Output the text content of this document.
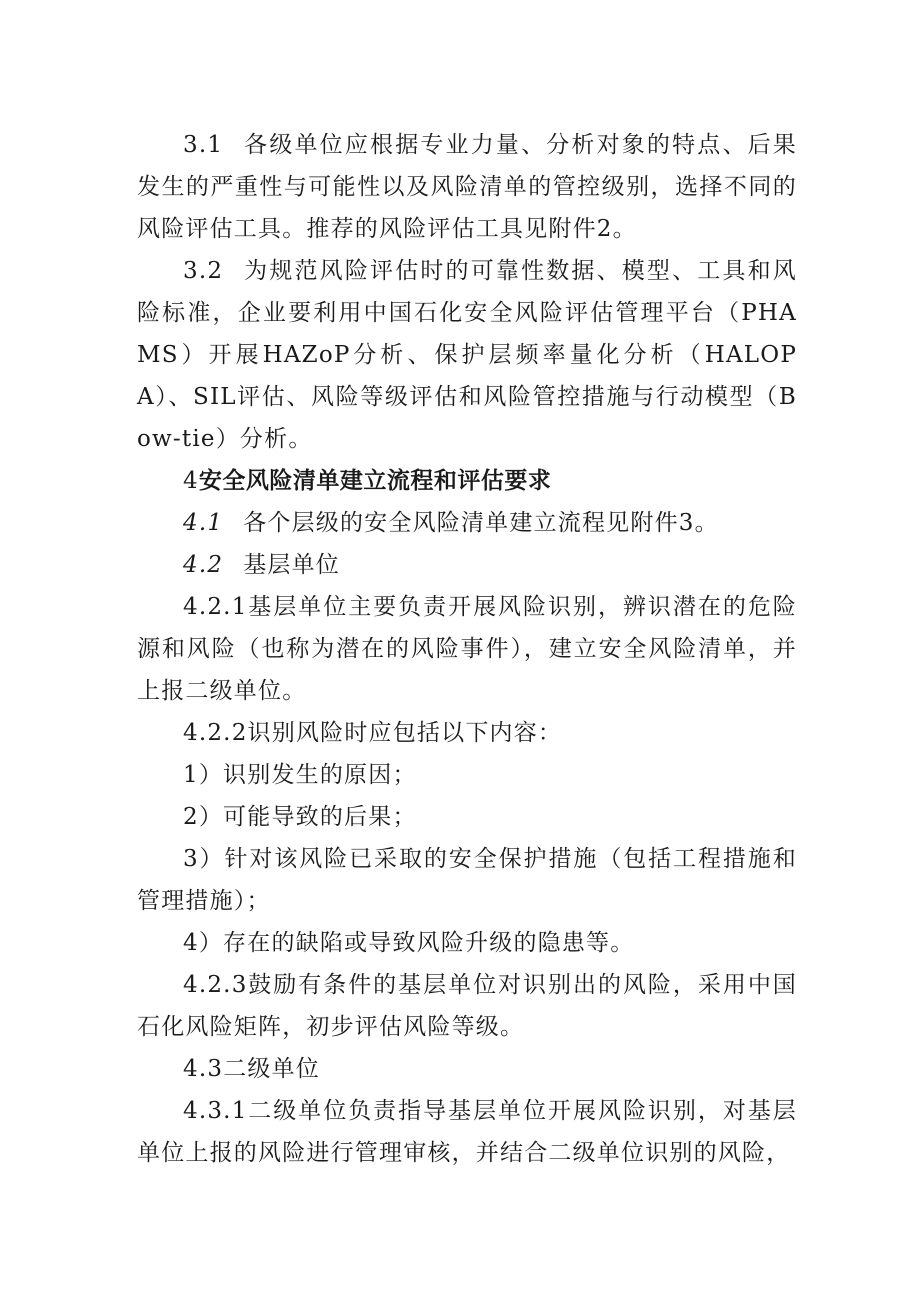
3.1 各级单位应根据专业力量、分析对象的特点、后果发生的严重性与可能性以及风险清单的管控级别，选择不同的风险评估工具。推荐的风险评估工具见附件2。

3.2 为规范风险评估时的可靠性数据、模型、工具和风险标准，企业要利用中国石化安全风险评估管理平台（PHAMS）开展HAZoP分析、保护层频率量化分析（HALOPA）、SIL评估、风险等级评估和风险管控措施与行动模型（Bow-tie）分析。

4安全风险清单建立流程和评估要求

4.1 各个层级的安全风险清单建立流程见附件3。

4.2 基层单位

4.2.1基层单位主要负责开展风险识别，辨识潜在的危险源和风险（也称为潜在的风险事件），建立安全风险清单，并上报二级单位。

4.2.2识别风险时应包括以下内容：

1）识别发生的原因；

2）可能导致的后果；

3）针对该风险已采取的安全保护措施（包括工程措施和管理措施）；

4）存在的缺陷或导致风险升级的隐患等。

4.2.3鼓励有条件的基层单位对识别出的风险，采用中国石化风险矩阵，初步评估风险等级。

4.3二级单位

4.3.1二级单位负责指导基层单位开展风险识别，对基层单位上报的风险进行管理审核，并结合二级单位识别的风险，
